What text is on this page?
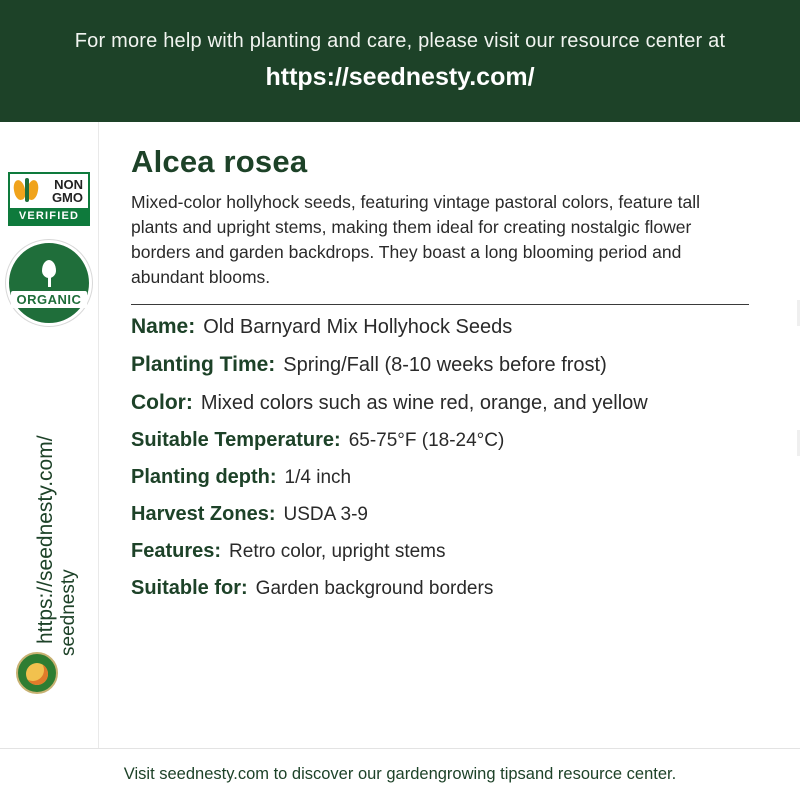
For more help with planting and care, please visit our resource center at
https://seednesty.com/
NON
GMO
VERIFIED
ORGANIC
https://seednesty.com/ seednesty
Alcea rosea
Mixed-color hollyhock seeds, featuring vintage pastoral colors, feature tall plants and upright stems, making them ideal for creating nostalgic flower borders and garden backdrops. They boast a long blooming period and abundant blooms.
Name: Old Barnyard Mix Hollyhock Seeds
Planting Time: Spring/Fall (8-10 weeks before frost)
Color: Mixed colors such as wine red, orange, and yellow
Suitable Temperature: 65-75°F (18-24°C)
Planting depth: 1/4 inch
Harvest Zones: USDA 3-9
Features: Retro color, upright stems
Suitable for: Garden background borders
Visit seednesty.com to discover our gardengrowing tipsand resource center.
